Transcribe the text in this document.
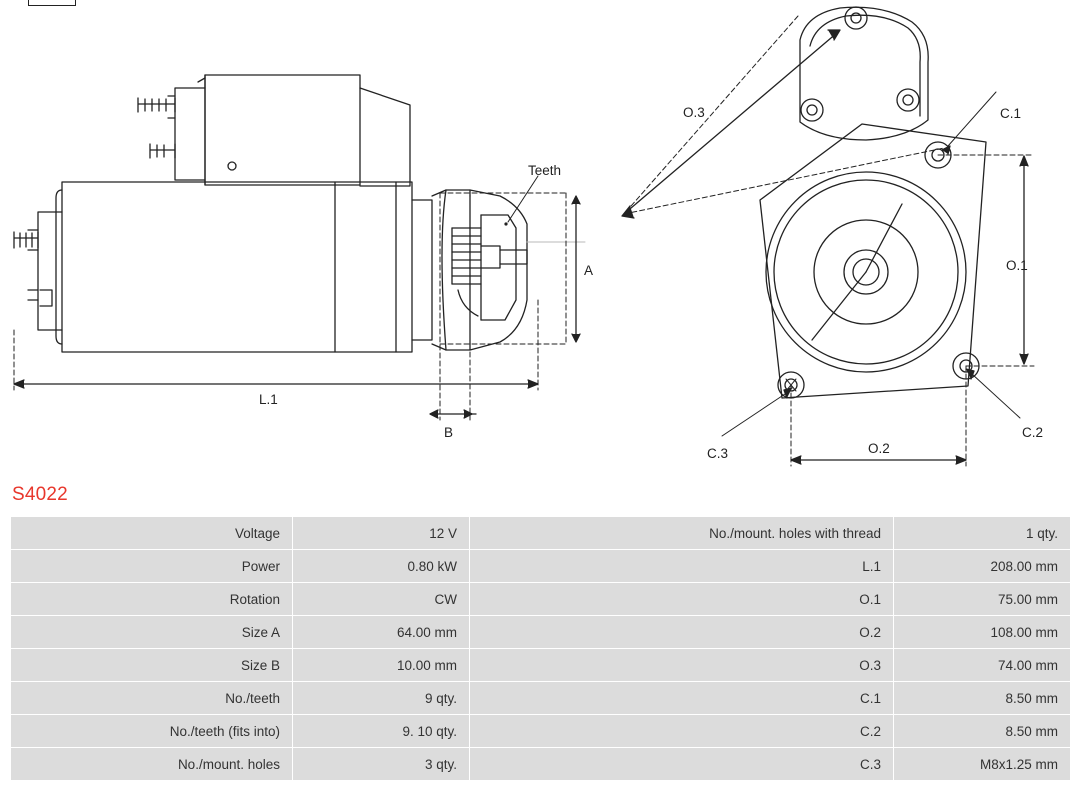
Teeth
A
B
L.1
O.3	C.1
C.2
C.3
O.1
O.2
S4022
Voltage	12 V	No./mount. holes with thread	1 qty.
Power	0.80 kW	L.1	208.00 mm
Rotation	CW	O.1	75.00 mm
Size A	64.00 mm	O.2	108.00 mm
Size B	10.00 mm	O.3	74.00 mm
No./teeth	9 qty.	C.1	8.50 mm
No./teeth (fits into)	9. 10 qty.	C.2	8.50 mm
No./mount. holes	3 qty.	C.3	M8x1.25 mm
